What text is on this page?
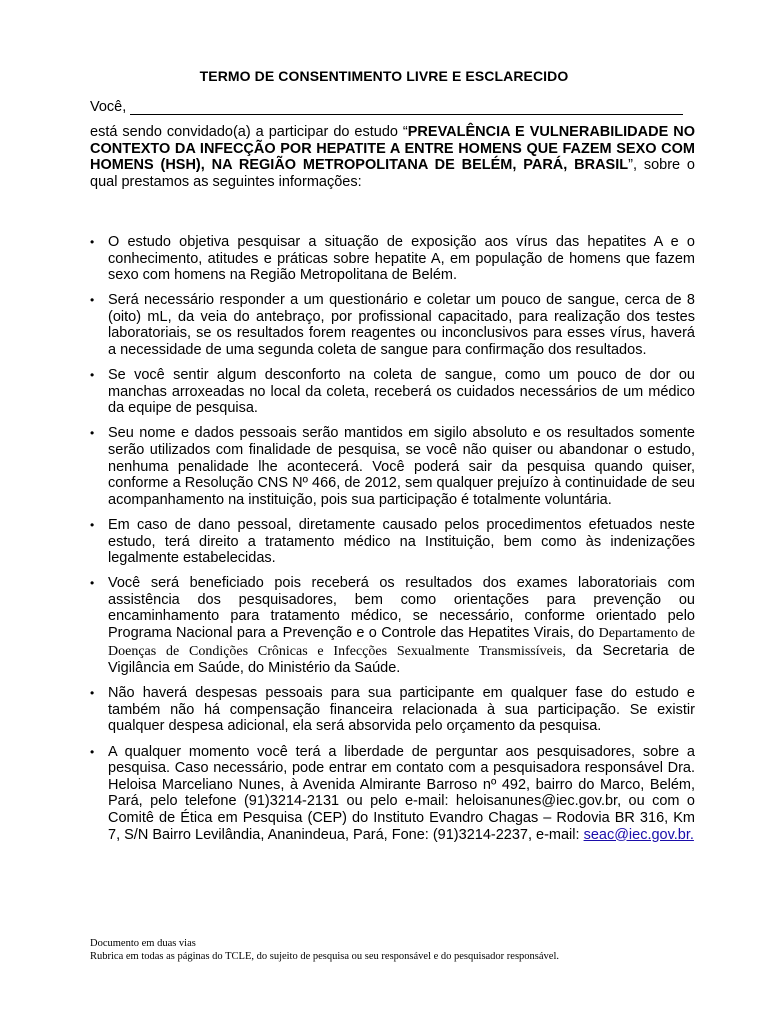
TERMO DE CONSENTIMENTO LIVRE E ESCLARECIDO
Você,
está sendo convidado(a) a participar do estudo “PREVALÊNCIA E VULNERABILIDADE NO CONTEXTO DA INFECÇÃO POR HEPATITE A ENTRE HOMENS QUE FAZEM SEXO COM HOMENS (HSH), NA REGIÃO METROPOLITANA DE BELÉM, PARÁ, BRASIL”, sobre o qual prestamos as seguintes informações:
• O estudo objetiva pesquisar a situação de exposição aos vírus das hepatites A e o conhecimento, atitudes e práticas sobre hepatite A, em população de homens que fazem sexo com homens na Região Metropolitana de Belém.
• Será necessário responder a um questionário e coletar um pouco de sangue, cerca de 8 (oito) mL, da veia do antebraço, por profissional capacitado, para realização dos testes laboratoriais, se os resultados forem reagentes ou inconclusivos para esses vírus, haverá a necessidade de uma segunda coleta de sangue para confirmação dos resultados.
• Se você sentir algum desconforto na coleta de sangue, como um pouco de dor ou manchas arroxeadas no local da coleta, receberá os cuidados necessários de um médico da equipe de pesquisa.
• Seu nome e dados pessoais serão mantidos em sigilo absoluto e os resultados somente serão utilizados com finalidade de pesquisa, se você não quiser ou abandonar o estudo, nenhuma penalidade lhe acontecerá. Você poderá sair da pesquisa quando quiser, conforme a Resolução CNS Nº 466, de 2012, sem qualquer prejuízo à continuidade de seu acompanhamento na instituição, pois sua participação é totalmente voluntária.
• Em caso de dano pessoal, diretamente causado pelos procedimentos efetuados neste estudo, terá direito a tratamento médico na Instituição, bem como às indenizações legalmente estabelecidas.
• Você será beneficiado pois receberá os resultados dos exames laboratoriais com assistência dos pesquisadores, bem como orientações para prevenção ou encaminhamento para tratamento médico, se necessário, conforme orientado pelo Programa Nacional para a Prevenção e o Controle das Hepatites Virais, do Departamento de Doenças de Condições Crônicas e Infecções Sexualmente Transmissíveis, da Secretaria de Vigilância em Saúde, do Ministério da Saúde.
• Não haverá despesas pessoais para sua participante em qualquer fase do estudo e também não há compensação financeira relacionada à sua participação. Se existir qualquer despesa adicional, ela será absorvida pelo orçamento da pesquisa.
• A qualquer momento você terá a liberdade de perguntar aos pesquisadores, sobre a pesquisa. Caso necessário, pode entrar em contato com a pesquisadora responsável Dra. Heloisa Marceliano Nunes, à Avenida Almirante Barroso nº 492, bairro do Marco, Belém, Pará, pelo telefone (91)3214-2131 ou pelo e-mail: heloisanunes@iec.gov.br, ou com o Comitê de Ética em Pesquisa (CEP) do Instituto Evandro Chagas – Rodovia BR 316, Km 7, S/N Bairro Levilândia, Ananindeua, Pará, Fone: (91)3214-2237, e-mail: seac@iec.gov.br.
Documento em duas vias
Rubrica em todas as páginas do TCLE, do sujeito de pesquisa ou seu responsável e do pesquisador responsável.
